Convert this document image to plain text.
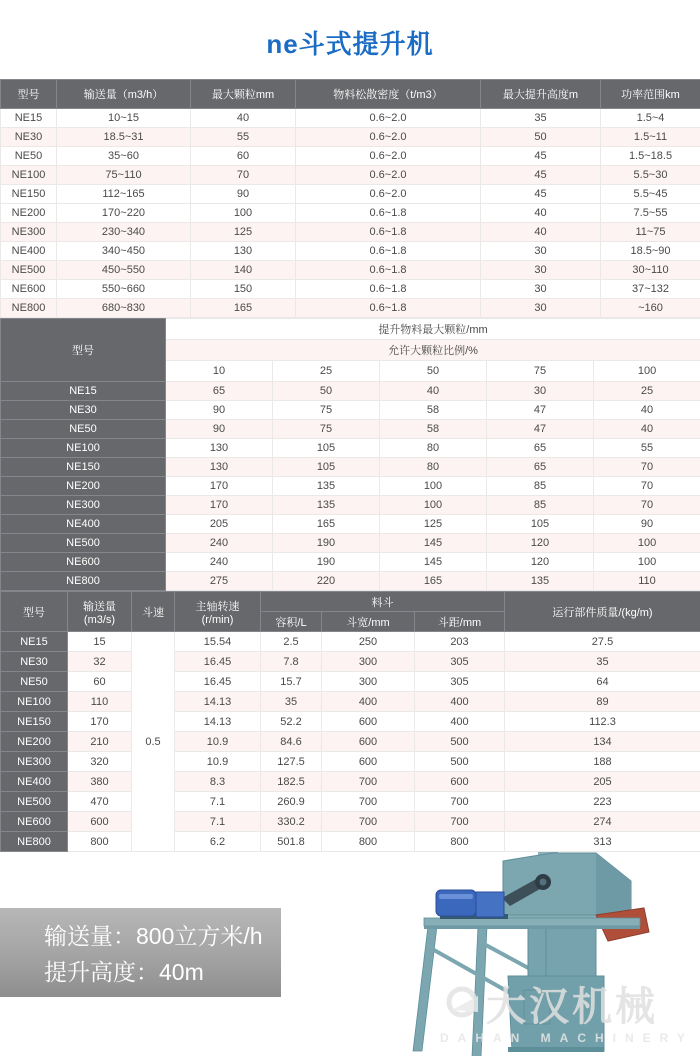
ne斗式提升机
型号	输送量（m3/h）	最大颗粒mm	物料松散密度（t/m3）	最大提升高度m	功率范围km
NE15	10~15	40	0.6~2.0	35	1.5~4
NE30	18.5~31	55	0.6~2.0	50	1.5~11
NE50	35~60	60	0.6~2.0	45	1.5~18.5
NE100	75~110	70	0.6~2.0	45	5.5~30
NE150	112~165	90	0.6~2.0	45	5.5~45
NE200	170~220	100	0.6~1.8	40	7.5~55
NE300	230~340	125	0.6~1.8	40	11~75
NE400	340~450	130	0.6~1.8	30	18.5~90
NE500	450~550	140	0.6~1.8	30	30~110
NE600	550~660	150	0.6~1.8	30	37~132
NE800	680~830	165	0.6~1.8	30	~160
型号	提升物料最大颗粒/mm				
	允许大颗粒比例/%				
	10	25	50	75	100
NE15	65	50	40	30	25
NE30	90	75	58	47	40
NE50	90	75	58	47	40
NE100	130	105	80	65	55
NE150	130	105	80	65	70
NE200	170	135	100	85	70
NE300	170	135	100	85	70
NE400	205	165	125	105	90
NE500	240	190	145	120	100
NE600	240	190	145	120	100
NE800	275	220	165	135	110
型号	输送量
(m3/s)
	斗速	主轴转速
(r/min)
	料斗	运行部件质量/(kg/m)
				容积/L	斗宽/mm	斗距/mm	
NE15	15	0.5	15.54	2.5	250	203	27.5
NE30	32		16.45	7.8	300	305	35
NE50	60		16.45	15.7	300	305	64
NE100	110		14.13	35	400	400	89
NE150	170		14.13	52.2	600	400	112.3
NE200	210		10.9	84.6	600	500	134
NE300	320		10.9	127.5	600	500	188
NE400	380		8.3	182.5	700	600	205
NE500	470		7.1	260.9	700	700	223
NE600	600		7.1	330.2	700	700	274
NE800	800		6.2	501.8	800	800	313
输送量：800立方米/h
提升高度：40m
大汉机械
DAHAN MACHINERY
